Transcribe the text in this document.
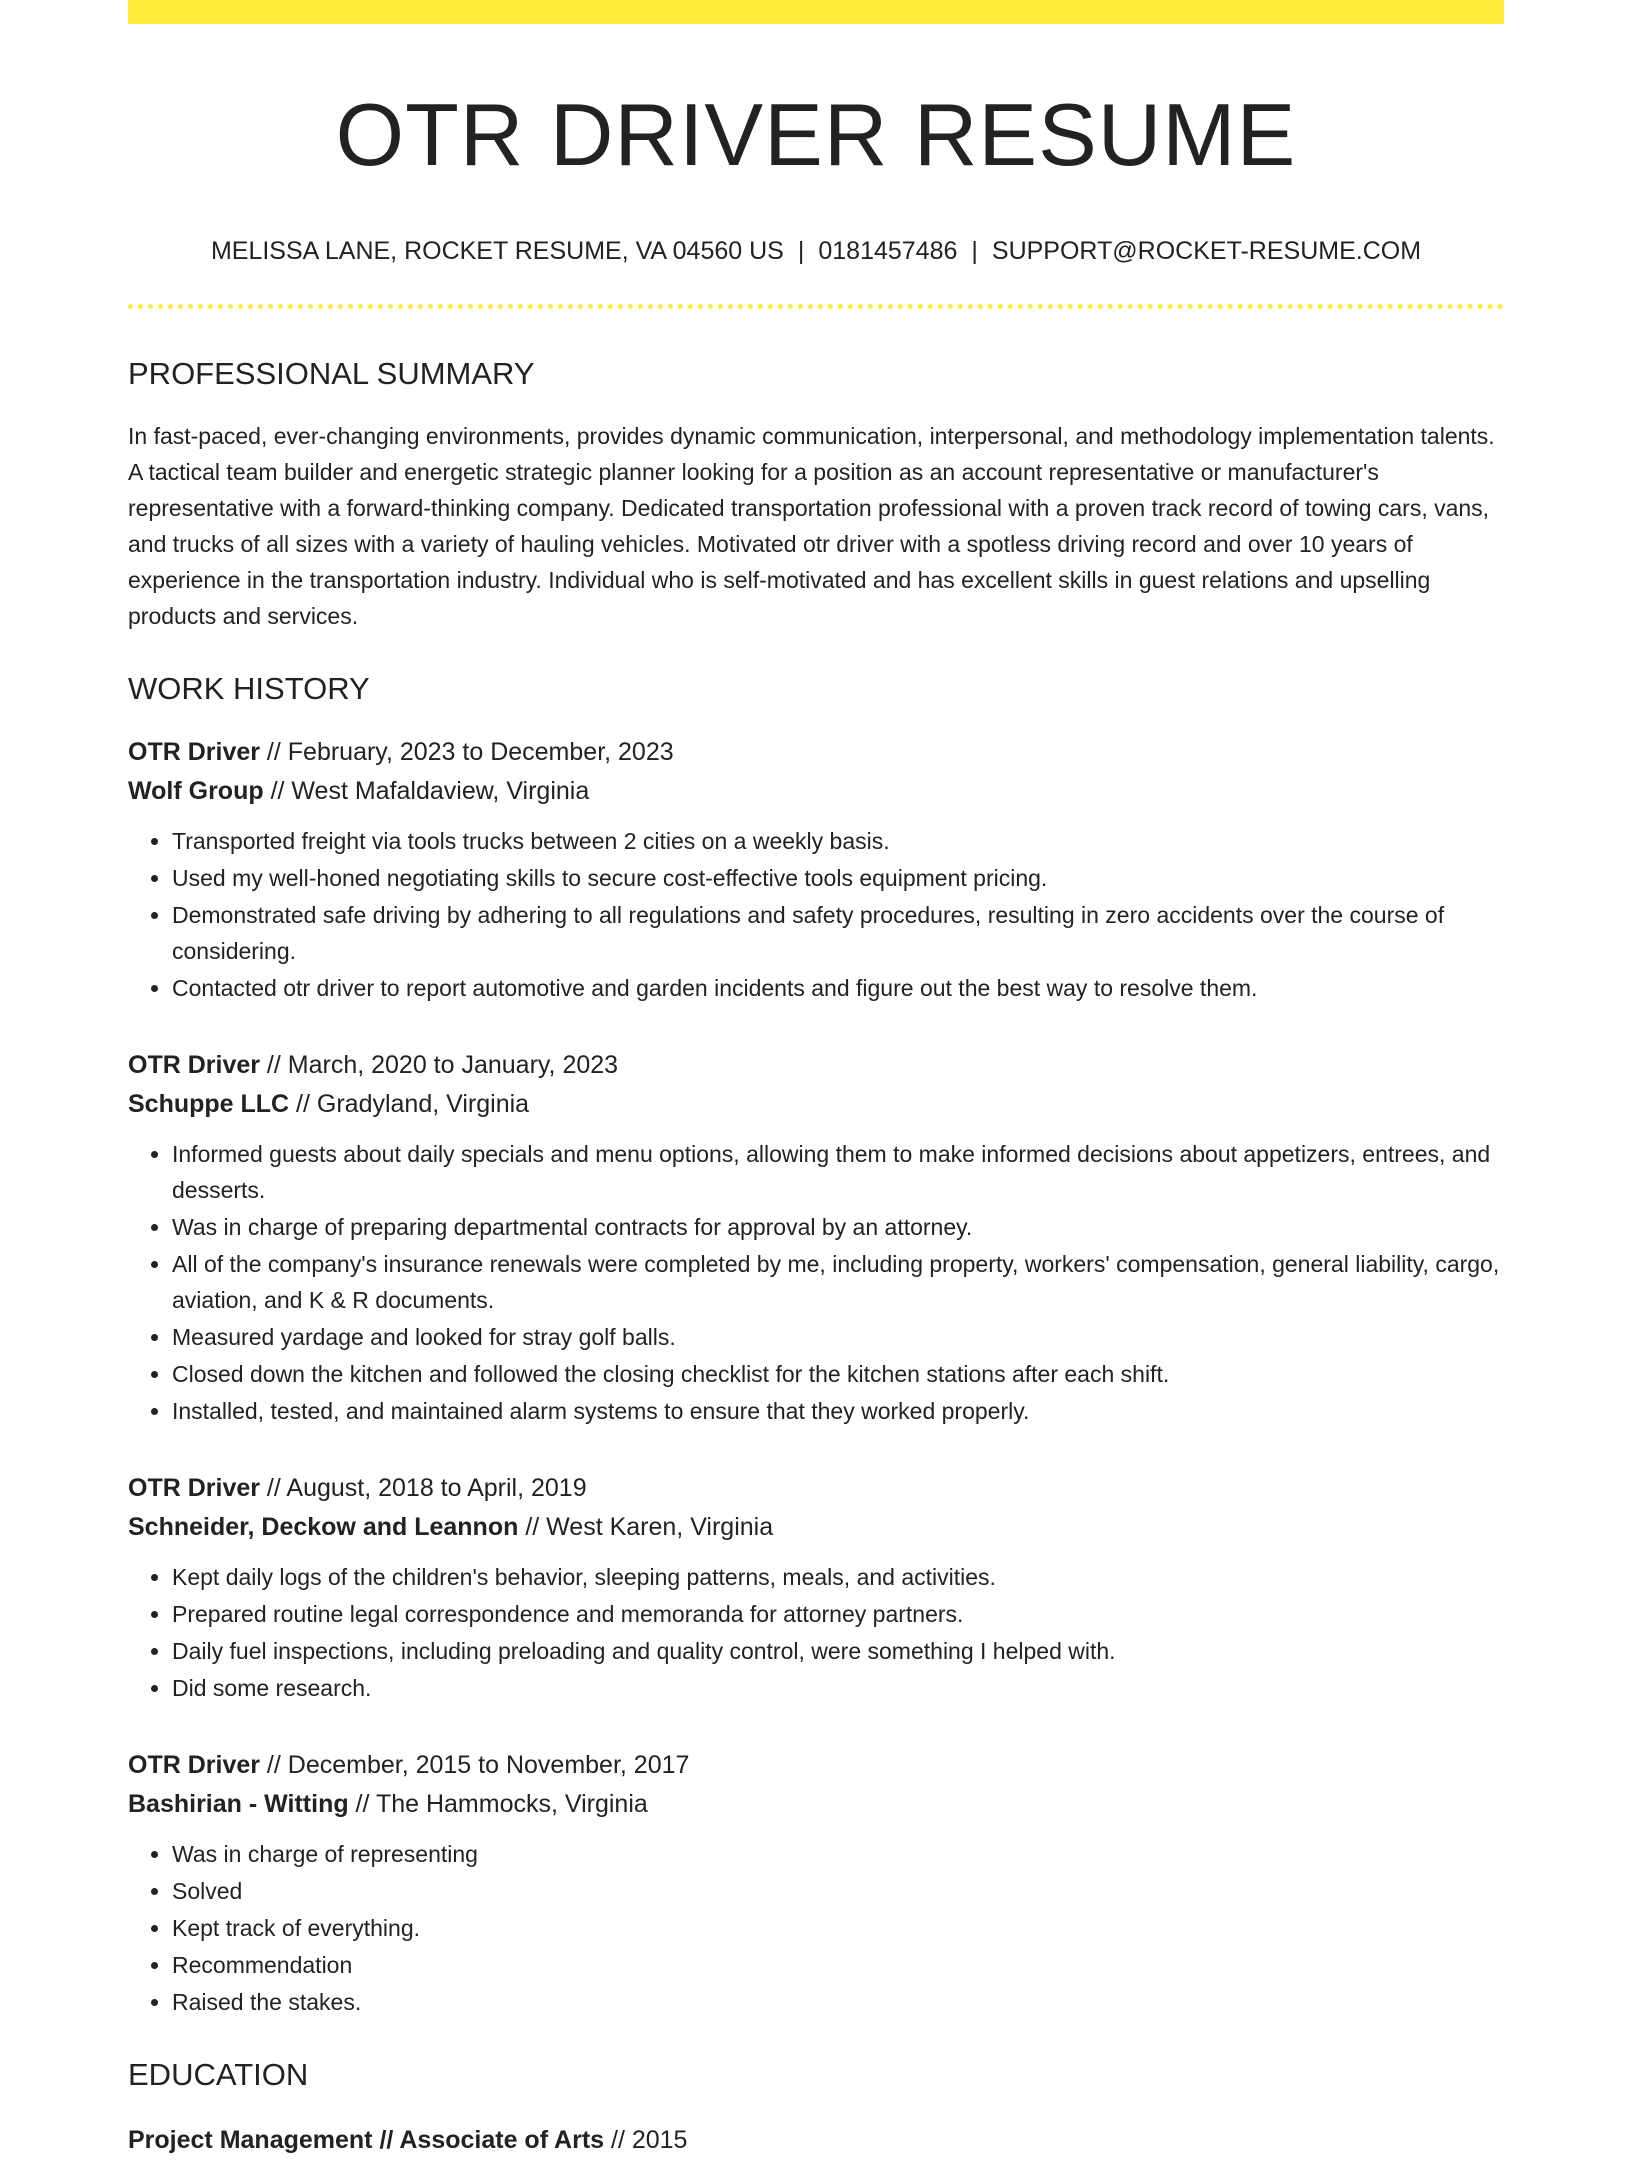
OTR DRIVER RESUME
MELISSA LANE, ROCKET RESUME, VA 04560 US | 0181457486 | SUPPORT@ROCKET-RESUME.COM
PROFESSIONAL SUMMARY

In fast-paced, ever-changing environments, provides dynamic communication, interpersonal, and methodology implementation talents. A tactical team builder and energetic strategic planner looking for a position as an account representative or manufacturer's representative with a forward-thinking company. Dedicated transportation professional with a proven track record of towing cars, vans, and trucks of all sizes with a variety of hauling vehicles. Motivated otr driver with a spotless driving record and over 10 years of experience in the transportation industry. Individual who is self-motivated and has excellent skills in guest relations and upselling products and services.

WORK HISTORY
OTR Driver // February, 2023 to December, 2023
Wolf Group // West Mafaldaview, Virginia
• Transported freight via tools trucks between 2 cities on a weekly basis.
• Used my well-honed negotiating skills to secure cost-effective tools equipment pricing.
• Demonstrated safe driving by adhering to all regulations and safety procedures, resulting in zero accidents over the course of considering.
• Contacted otr driver to report automotive and garden incidents and figure out the best way to resolve them.
OTR Driver // March, 2020 to January, 2023
Schuppe LLC // Gradyland, Virginia
• Informed guests about daily specials and menu options, allowing them to make informed decisions about appetizers, entrees, and desserts.
• Was in charge of preparing departmental contracts for approval by an attorney.
• All of the company's insurance renewals were completed by me, including property, workers' compensation, general liability, cargo, aviation, and K & R documents.
• Measured yardage and looked for stray golf balls.
• Closed down the kitchen and followed the closing checklist for the kitchen stations after each shift.
• Installed, tested, and maintained alarm systems to ensure that they worked properly.
OTR Driver // August, 2018 to April, 2019
Schneider, Deckow and Leannon // West Karen, Virginia
• Kept daily logs of the children's behavior, sleeping patterns, meals, and activities.
• Prepared routine legal correspondence and memoranda for attorney partners.
• Daily fuel inspections, including preloading and quality control, were something I helped with.
• Did some research.
OTR Driver // December, 2015 to November, 2017
Bashirian - Witting // The Hammocks, Virginia
• Was in charge of representing
• Solved
• Kept track of everything.
• Recommendation
• Raised the stakes.
EDUCATION
Project Management // Associate of Arts // 2015
